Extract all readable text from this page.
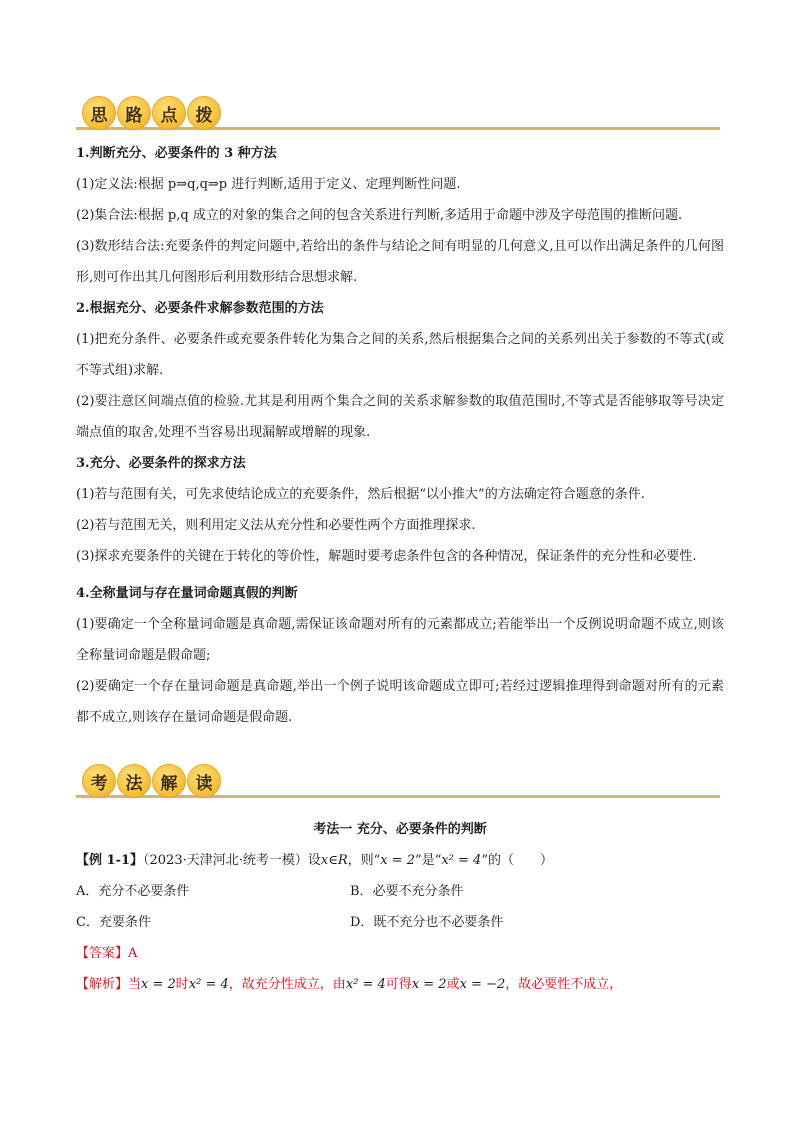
思	路	点	拨
1.判断充分、必要条件的 3 种方法
(1)定义法:根据 p⇒q,q⇒p 进行判断,适用于定义、定理判断性问题.
(2)集合法:根据 p,q 成立的对象的集合之间的包含关系进行判断,多适用于命题中涉及字母范围的推断问题.
(3)数形结合法:充要条件的判定问题中,若给出的条件与结论之间有明显的几何意义,且可以作出满足条件的几何图形,则可作出其几何图形后利用数形结合思想求解.
2.根据充分、必要条件求解参数范围的方法
(1)把充分条件、必要条件或充要条件转化为集合之间的关系,然后根据集合之间的关系列出关于参数的不等式(或不等式组)求解.
(2)要注意区间端点值的检验.尤其是利用两个集合之间的关系求解参数的取值范围时,不等式是否能够取等号决定端点值的取舍,处理不当容易出现漏解或增解的现象.
3.充分、必要条件的探求方法
(1)若与范围有关，可先求使结论成立的充要条件，然后根据“以小推大”的方法确定符合题意的条件.
(2)若与范围无关，则利用定义法从充分性和必要性两个方面推理探求.
(3)探求充要条件的关键在于转化的等价性，解题时要考虑条件包含的各种情况，保证条件的充分性和必要性.
4.全称量词与存在量词命题真假的判断
(1)要确定一个全称量词命题是真命题,需保证该命题对所有的元素都成立;若能举出一个反例说明命题不成立,则该全称量词命题是假命题;
(2)要确定一个存在量词命题是真命题,举出一个例子说明该命题成立即可;若经过逻辑推理得到命题对所有的元素都不成立,则该存在量词命题是假命题.
考	法	解	读
考法一 充分、必要条件的判断
【例 1-1】（2023·天津河北·统考一模）设x∈R，则“x = 2”是“x² = 4”的（　　）
A．充分不必要条件	B．必要不充分条件
C．充要条件	D．既不充分也不必要条件
【答案】A
【解析】当x = 2时x² = 4，故充分性成立，由x² = 4可得x = 2或x = −2，故必要性不成立，
